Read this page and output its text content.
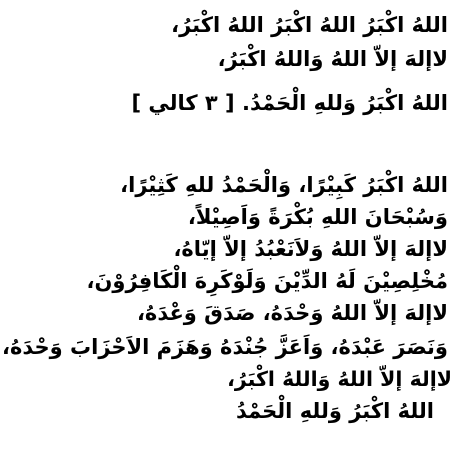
اللهُ اكْبَرُ اللهُ اكْبَرُ اللهُ اكْبَرُ،
لاإلهَ إلاّ اللهُ وَاللهُ اكْبَرُ،
اللهُ اكْبَرُ وَللهِ الْحَمْدُ. [ ٣ كالي ]
اللهُ اكْبَرُ كَبِيْرًا، وَالْحَمْدُ للهِ كَثِيْرًا،
وَسُبْحَانَ اللهِ بُكْرَةً وَاَصِيْلاً،
لاإلهَ إلاّ اللهُ وَلاَنَعْبُدُ إلاّ إيّاهُ،
مُخْلِصِيْنَ لَهُ الدِّيْنَ وَلَوْكَرِهَ الْكَافِرُوْنَ،
لاإلهَ إلاّ اللهُ وَحْدَهُ، صَدَقَ وَعْدَهُ،
وَنَصَرَ عَبْدَهُ، وَاَعَزَّ جُنْدَهُ وَهَزَمَ الاَحْزَابَ وَحْدَهُ،
لاإلهَ إلاّ اللهُ وَاللهُ اكْبَرُ،
اللهُ اكْبَرُ وَللهِ الْحَمْدُ
